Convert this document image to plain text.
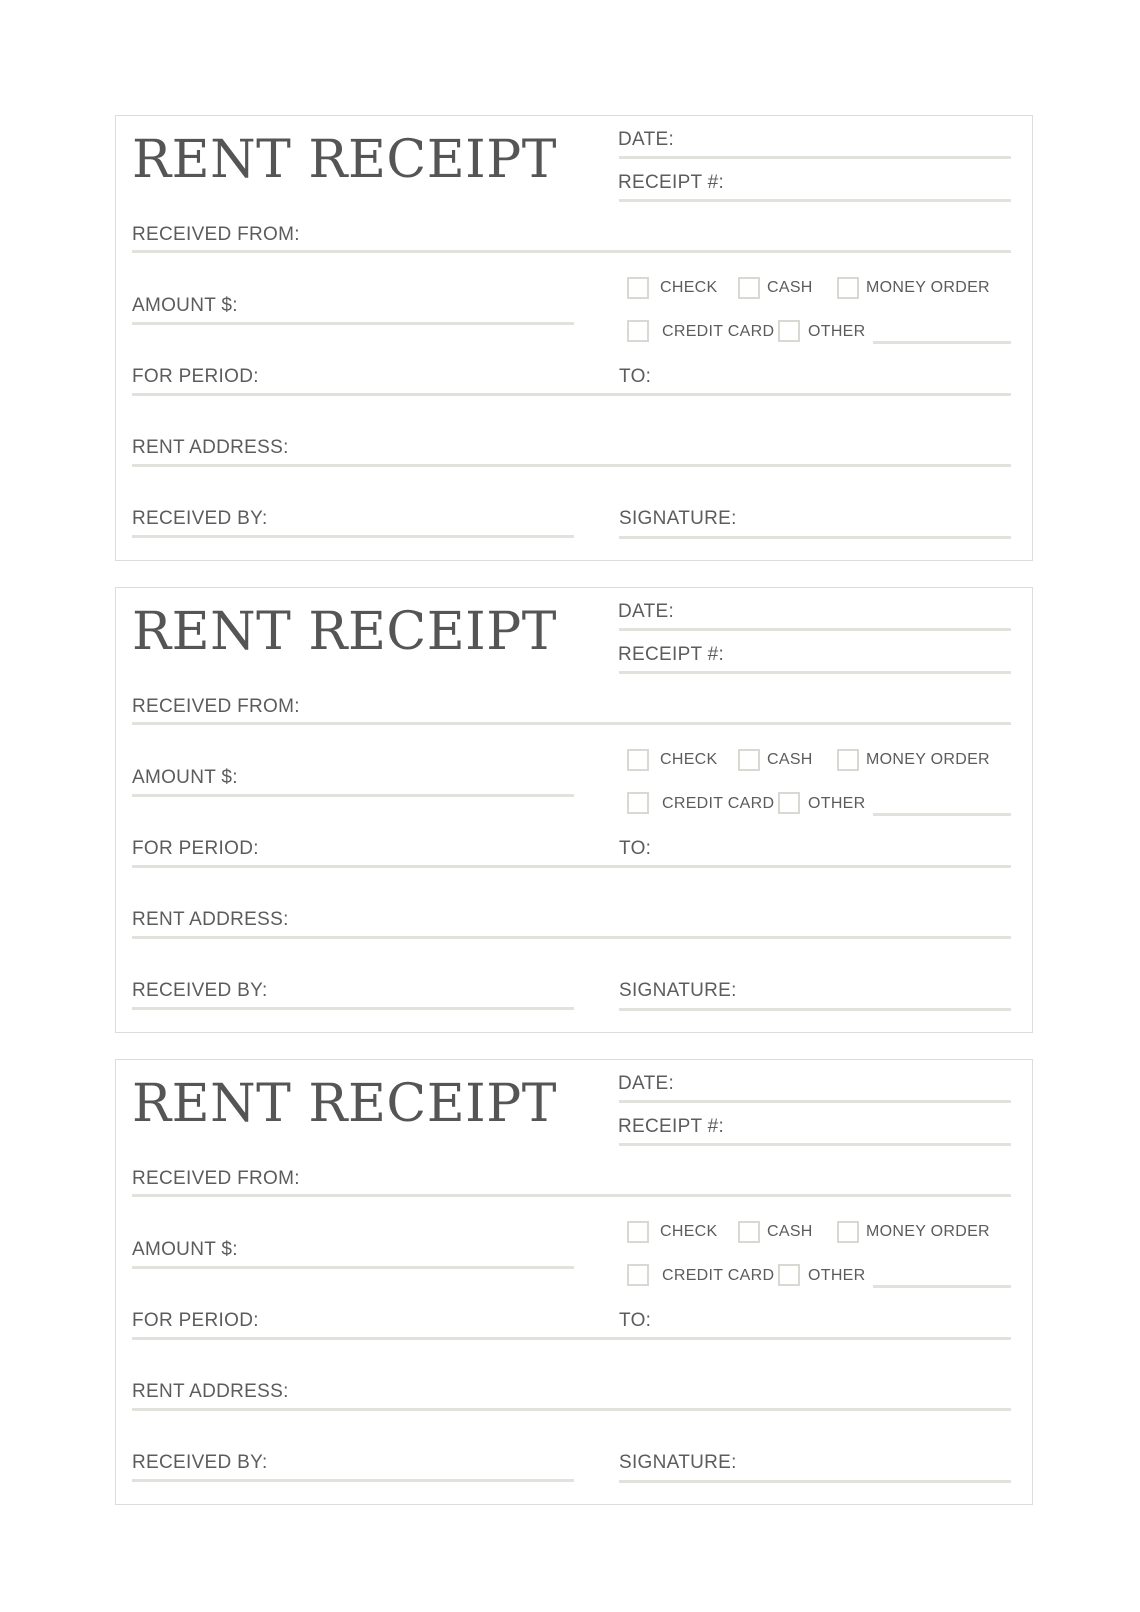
RENT RECEIPT	DATE:
RECEIPT #:
RECEIVED FROM:
AMOUNT $:
CHECK	CASH	MONEY ORDER
CREDIT CARD OTHER
FOR PERIOD:	TO:
RENT ADDRESS:
RECEIVED BY:	SIGNATURE:
RENT RECEIPT	DATE:
RECEIPT #:
RECEIVED FROM:
AMOUNT $:
CHECK	CASH	MONEY ORDER
CREDIT CARD OTHER
FOR PERIOD:	TO:
RENT ADDRESS:
RECEIVED BY:	SIGNATURE:
RENT RECEIPT	DATE:
RECEIPT #:
RECEIVED FROM:
AMOUNT $:
CHECK	CASH	MONEY ORDER
CREDIT CARD OTHER
FOR PERIOD:	TO:
RENT ADDRESS:
RECEIVED BY:	SIGNATURE:
